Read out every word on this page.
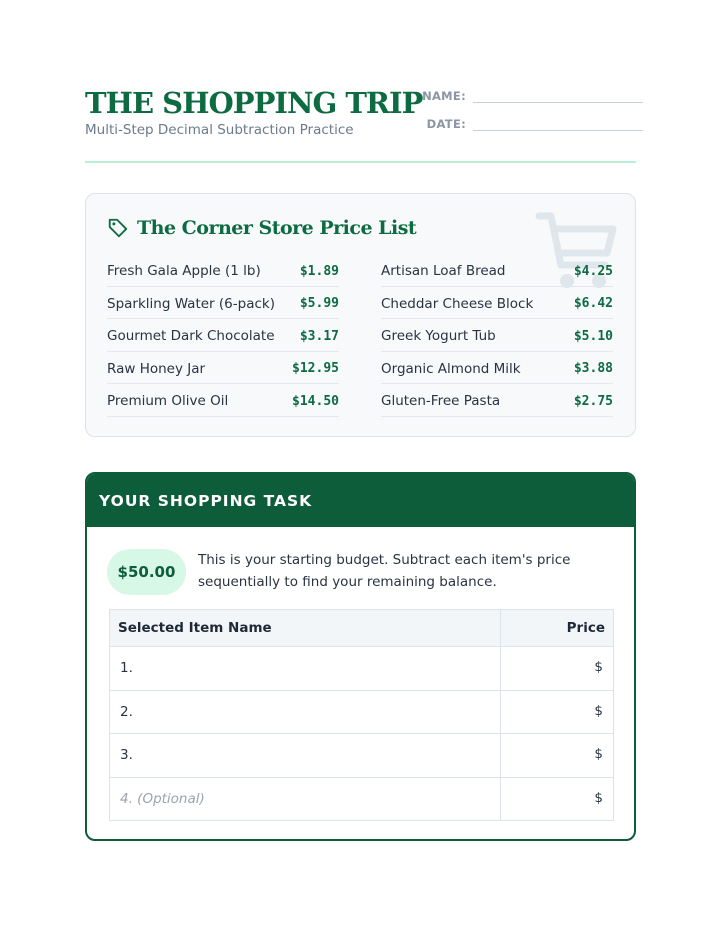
THE SHOPPING TRIP
Multi-Step Decimal Subtraction Practice
NAME:
DATE:
The Corner Store Price List
Fresh Gala Apple (1 lb)	$1.89
Sparkling Water (6-pack) $5.99
Gourmet Dark Chocolate $3.17
Raw Honey Jar	$12.95
Premium Olive Oil	$14.50
Artisan Loaf Bread	$4.25
Cheddar Cheese Block	$6.42
Greek Yogurt Tub	$5.10
Organic Almond Milk	$3.88
Gluten-Free Pasta	$2.75
YOUR SHOPPING TASK
$50.00
This is your starting budget. Subtract each item's price sequentially to find your remaining balance.
Selected Item Name	Price
1.	$
2.	$
3.	$
4. (Optional)	$
